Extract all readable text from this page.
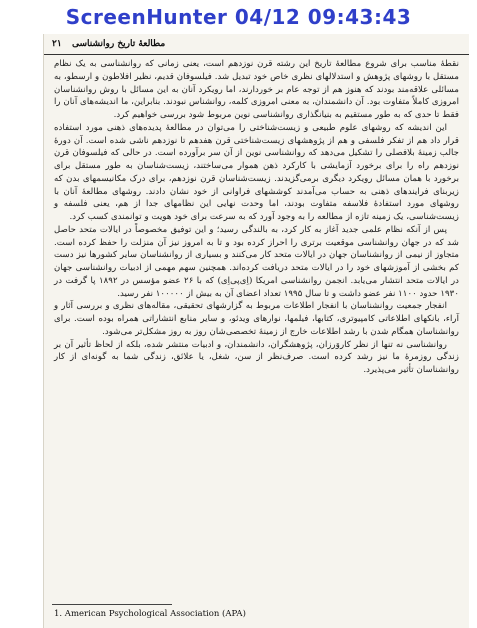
ScreenHunter 04/12 09:43:43
۲۱ مطالعهٔ تاریخ روانشناسی

نقطهٔ مناسب برای شروع مطالعهٔ تاریخ این رشته قرن نوزدهم است، یعنی زمانی که روانشناسی به یک نظام مستقل با روشهای پژوهش و استدلالهای نظری خاص خود تبدیل شد. فیلسوفان قدیم، نظیر افلاطون و ارسطو، به مسائلی علاقه‌مند بودند که هنوز هم از توجه عام بر خوردارند، اما رویکرد آنان به این مسائل با روش روانشناسان امروزی کاملاً متفاوت بود. آن دانشمندان، به معنی امروزی کلمه، روانشناس نبودند. بنابراین، ما اندیشه‌های آنان را فقط تا حدی که به طور مستقیم به بنیانگذاری روانشناسی نوین مربوط شود بررسی خواهیم کرد.

این اندیشه که روشهای علوم طبیعی و زیست‌شناختی را می‌توان در مطالعهٔ پدیده‌های ذهنی مورد استفاده قرار داد هم از تفکر فلسفی و هم از پژوهشهای زیست‌شناختی قرن هفدهم تا نوزدهم ناشی شده است. آن دورهٔ جالب زمینهٔ بلافصلی را تشکیل می‌دهد که روانشناسی نوین از آن سر برآورده است. در حالی که فیلسوفان قرن نوزدهم راه را برای برخورد آزمایشی با کارکرد ذهن هموار می‌ساختند، زیست‌شناسان به طور مستقل برای برخورد با همان مسائل رویکرد دیگری برمی‌گزیدند. زیست‌شناسان قرن نوزدهم، برای درک مکانیسمهای بدن که زیربنای فرایندهای ذهنی به حساب می‌آمدند کوششهای فراوانی از خود نشان دادند. روشهای مطالعهٔ آنان با روشهای مورد استفادهٔ فلاسفه متفاوت بودند، اما وحدت نهایی این نظامهای جدا از هم، یعنی فلسفه و زیست‌شناسی، یک زمینه تازه از مطالعه را به وجود آورد که به سرعت برای خود هویت و توانمندی کسب کرد.

پس از آنکه نظام علمی جدید آغاز به کار کرد، به بالندگی رسید؛ و این توفیق مخصوصاً در ایالات متحد حاصل شد که در جهان روانشناسی موقعیت برتری را احراز کرده بود و تا به امروز نیز آن منزلت را حفظ کرده است. متجاوز از نیمی از روانشناسان جهان در ایالات متحد کار می‌کنند و بسیاری از روانشناسان سایر کشورها نیز دست کم بخشی از آموزشهای خود را در ایالات متحد دریافت کرده‌اند. همچنین سهم مهمی از ادبیات روانشناسی جهان در ایالات متحد انتشار می‌یابد. انجمن روانشناسی امریکا (اِی‌پی‌اِی) که با ۲۶ عضو مؤسس در ۱۸۹۲ پا گرفت در ۱۹۳۰ حدود ۱۱۰۰ نفر عضو داشت و تا سال ۱۹۹۵ تعداد اعضای آن به بیش از ۱۰۰۰۰۰ نفر رسید.

انفجار جمعیت روانشناسان با انفجار اطلاعات مربوط به گزارشهای تحقیقی، مقاله‌های نظری و بررسی آثار و آراء، بانکهای اطلاعاتی کامپیوتری، کتابها، فیلمها، نوارهای ویدئو، و سایر منابع انتشاراتی همراه بوده است. برای روانشناسان همگام شدن با رشد اطلاعات خارج از زمینهٔ تخصصی‌شان روز به روز مشکل‌تر می‌شود.

روانشناسی نه تنها از نظر کاروَرزان، پژوهشگران، دانشمندان، و ادبیات منتشر شده، بلکه از لحاظ تأثیر آن بر زندگی روزمرهٔ ما نیز رشد کرده است. صرف‌نظر از سن، شغل، یا علائق، زندگی شما به گونه‌ای از کار روانشناسان تأثیر می‌پذیرد.

1. American Psychological Association (APA)
